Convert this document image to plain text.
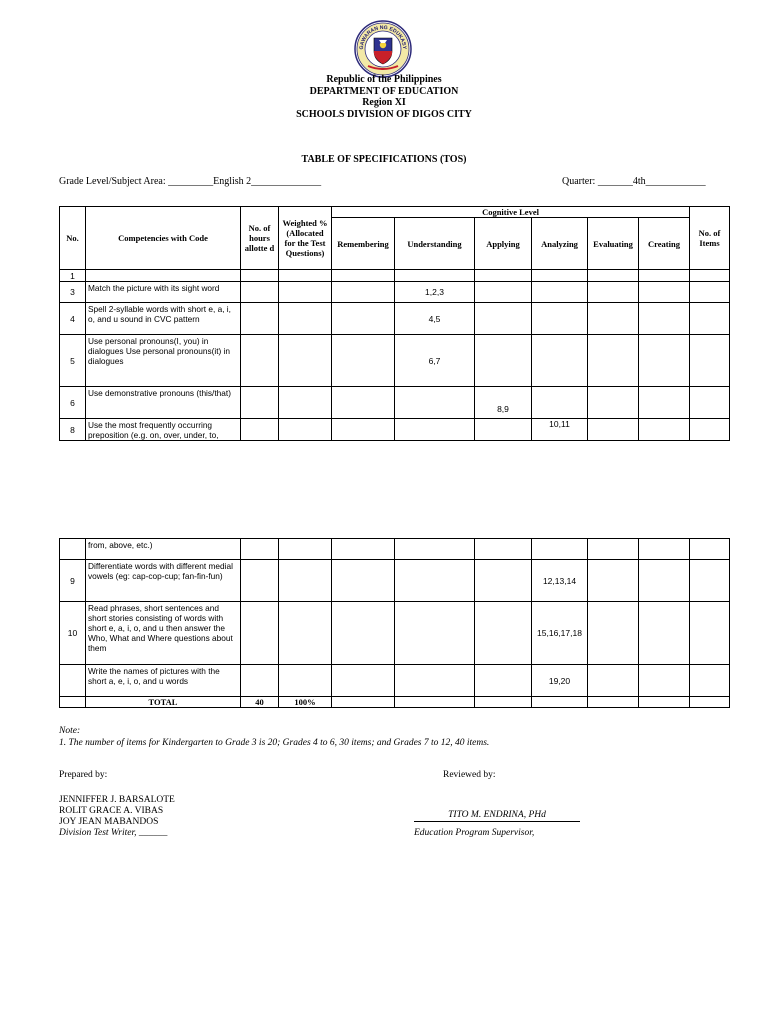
GAWARAN NG EDUKASY
Republic of the Philippines
DEPARTMENT OF EDUCATION
Region XI
SCHOOLS DIVISION OF DIGOS CITY
TABLE OF SPECIFICATIONS (TOS)
Grade Level/Subject Area: _________English 2______________	Quarter: _______4th____________
No.	Competencies with Code	No. of hours allotte d	Weighted % (Allocated for the Test Questions)	Cognitive Level						No. of Items
				Remembering	Understanding	Applying	Analyzing	Evaluating	Creating	
1										
3	Match the picture with its sight word				1,2,3					
4	Spell 2-syllable words with short e, a, i, o, and u sound in CVC pattern				4,5					
5	Use personal pronouns(I, you) in dialogues Use personal pronouns(it) in dialogues				6,7					
6	Use demonstrative pronouns (this/that)					8,9				
8	Use the most frequently occurring preposition (e.g. on, over, under, to,						10,11			
	from, above, etc.)									
9	Differentiate words with different medial vowels (eg: cap-cop-cup; fan-fin-fun)						12,13,14			
10	Read phrases, short sentences and short stories consisting of words with short e, a, i, o, and u then answer the Who, What and Where questions about them						15,16,17,18			
	Write the names of pictures with the short a, e, i, o, and u words						19,20			
	TOTAL	40	100%							
Note:
1. The number of items for Kindergarten to Grade 3 is 20; Grades 4 to 6, 30 items; and Grades 7 to 12, 40 items.
Prepared by:	Reviewed by:
JENNIFFER J. BARSALOTE
ROLIT GRACE A. VIBAS
JOY JEAN MABANDOS
Division Test Writer, ______
TITO M. ENDRINA, PHd
Education Program Supervisor,
